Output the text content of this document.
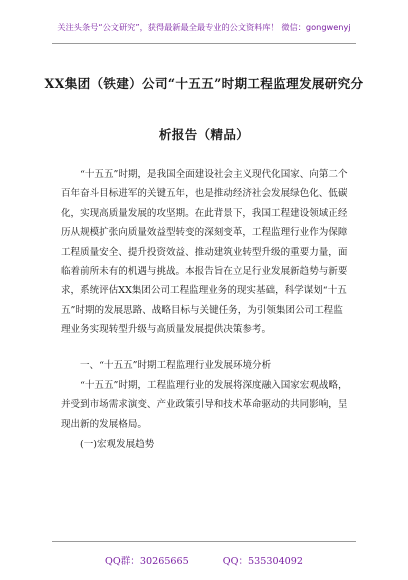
关注头条号“公文研究”，获得最新最全最专业的公文资料库！ 微信：gongwenyj
XX集团（铁建）公司“十五五”时期工程监理发展研究分
析报告（精品）

“十五五”时期，是我国全面建设社会主义现代化国家、向第二个百年奋斗目标进军的关键五年，也是推动经济社会发展绿色化、低碳化，实现高质量发展的攻坚期。在此背景下，我国工程建设领域正经历从规模扩张向质量效益型转变的深刻变革，工程监理行业作为保障工程质量安全、提升投资效益、推动建筑业转型升级的重要力量，面临着前所未有的机遇与挑战。本报告旨在立足行业发展新趋势与新要求，系统评估XX集团公司工程监理业务的现实基础，科学谋划“十五五”时期的发展思路、战略目标与关键任务，为引领集团公司工程监理业务实现转型升级与高质量发展提供决策参考。

一、“十五五”时期工程监理行业发展环境分析

“十五五”时期，工程监理行业的发展将深度融入国家宏观战略，并受到市场需求演变、产业政策引导和技术革命驱动的共同影响，呈现出新的发展格局。

(一)宏观发展趋势

QQ群：30265665	QQ：535304092
